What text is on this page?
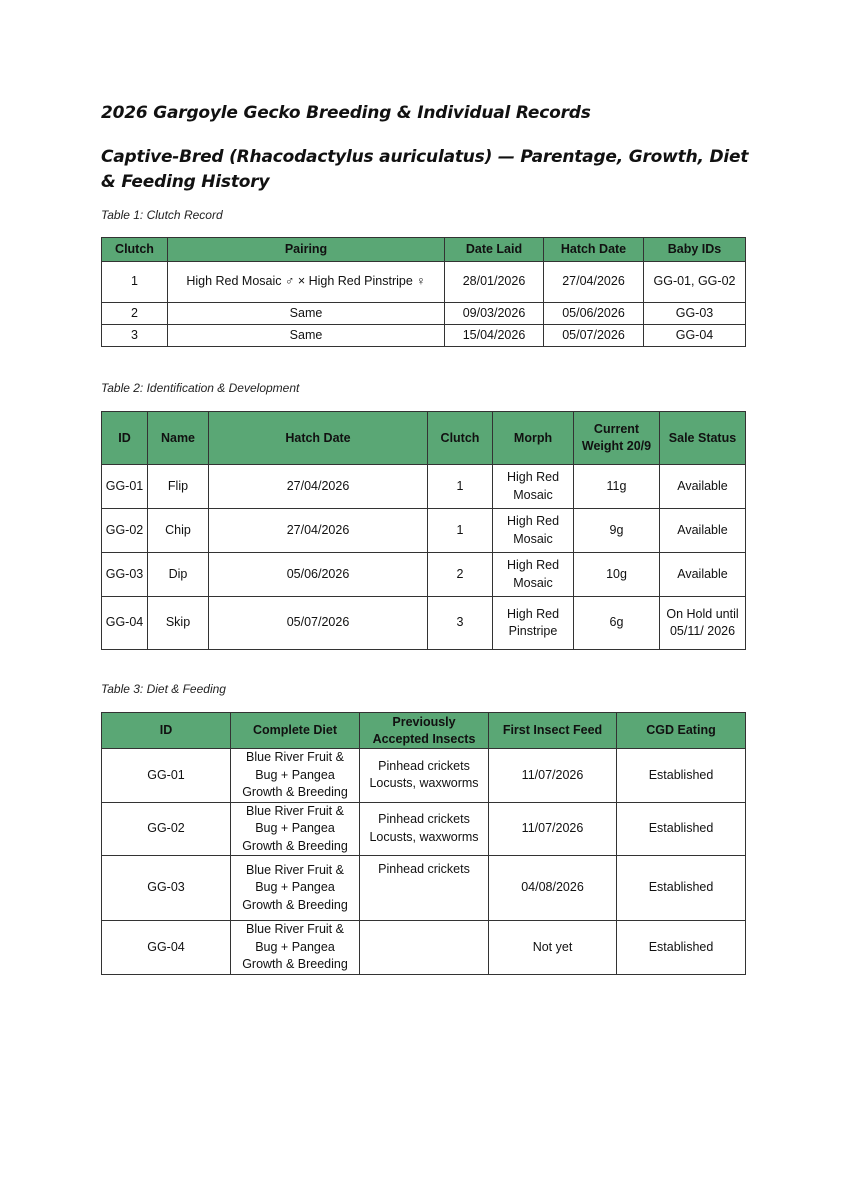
2026 Gargoyle Gecko Breeding & Individual Records
Captive-Bred (Rhacodactylus auriculatus) — Parentage, Growth, Diet & Feeding History
Table 1: Clutch Record
Clutch	Pairing	Date Laid	Hatch Date	Baby IDs
1	High Red Mosaic ♂ × High Red Pinstripe ♀	28/01/2026	27/04/2026	GG-01, GG-02
2	Same	09/03/2026	05/06/2026	GG-03
3	Same	15/04/2026	05/07/2026	GG-04
Table 2: Identification & Development
ID	Name	Hatch Date	Clutch	Morph	Current Weight 20/9	Sale Status
GG-01	Flip	27/04/2026	1	High Red Mosaic	11g	Available
GG-02	Chip	27/04/2026	1	High Red Mosaic	9g	Available
GG-03	Dip	05/06/2026	2	High Red Mosaic	10g	Available
GG-04	Skip	05/07/2026	3	High Red Pinstripe	6g	On Hold until 05/11/ 2026
Table 3: Diet & Feeding
ID	Complete Diet	Previously Accepted Insects	First Insect Feed	CGD Eating
GG-01	Blue River Fruit & Bug + Pangea Growth & Breeding	Pinhead crickets Locusts, waxworms	11/07/2026	Established
GG-02	Blue River Fruit & Bug + Pangea Growth & Breeding	Pinhead crickets Locusts, waxworms	11/07/2026	Established
GG-03	Blue River Fruit & Bug + Pangea Growth & Breeding	Pinhead crickets	04/08/2026	Established
GG-04	Blue River Fruit & Bug + Pangea Growth & Breeding		Not yet	Established
